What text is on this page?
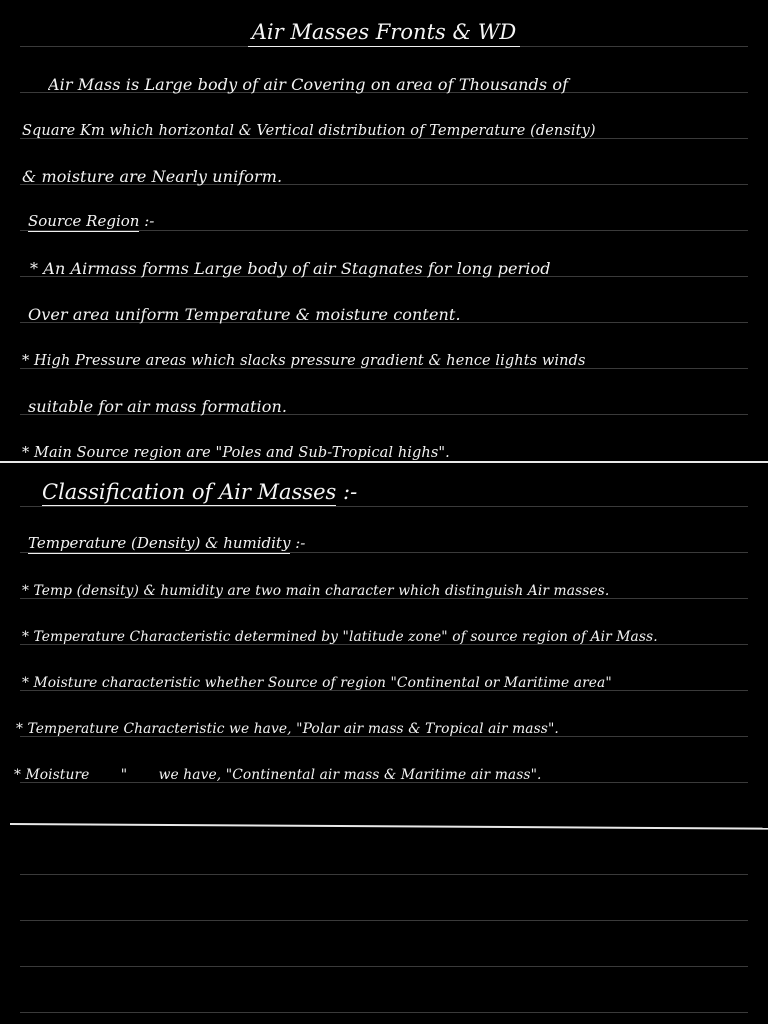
Air Masses Fronts & WD
Air Mass is Large body of air Covering on area of Thousands of
Square Km which horizontal & Vertical distribution of Temperature (density)
& moisture are Nearly uniform.
Source Region :-
* An Airmass forms Large body of air Stagnates for long period
Over area uniform Temperature & moisture content.
* High Pressure areas which slacks pressure gradient & hence lights winds
suitable for air mass formation.
* Main Source region are "Poles and Sub-Tropical highs".
Classification of Air Masses :-
Temperature (Density) & humidity :-
* Temp (density) & humidity are two main character which distinguish Air masses.
* Temperature Characteristic determined by "latitude zone" of source region of Air Mass.
* Moisture characteristic whether Source of region "Continental or Maritime area"
* Temperature Characteristic we have, "Polar air mass & Tropical air mass".
* Moisture       "       we have, "Continental air mass & Maritime air mass".
